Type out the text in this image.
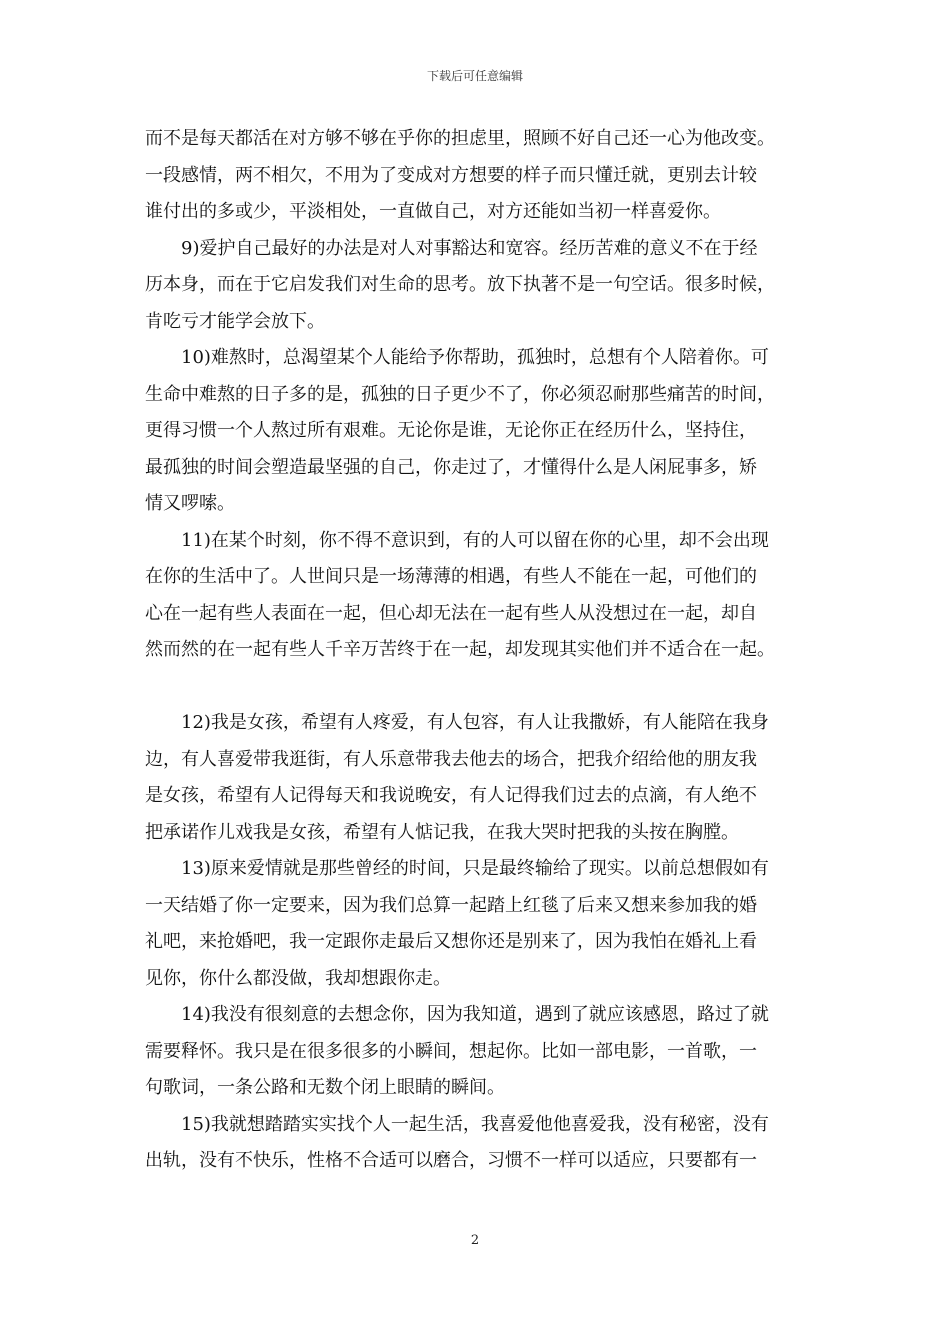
下载后可任意编辑
而不是每天都活在对方够不够在乎你的担虑里，照顾不好自己还一心为他改变。
一段感情，两不相欠，不用为了变成对方想要的样子而只懂迁就，更别去计较
谁付出的多或少，平淡相处，一直做自己，对方还能如当初一样喜爱你。
9)爱护自己最好的办法是对人对事豁达和宽容。经历苦难的意义不在于经
历本身，而在于它启发我们对生命的思考。放下执著不是一句空话。很多时候，
肯吃亏才能学会放下。
10)难熬时，总渴望某个人能给予你帮助，孤独时，总想有个人陪着你。可
生命中难熬的日子多的是，孤独的日子更少不了，你必须忍耐那些痛苦的时间，
更得习惯一个人熬过所有艰难。无论你是谁，无论你正在经历什么，坚持住，
最孤独的时间会塑造最坚强的自己，你走过了，才懂得什么是人闲屁事多，矫
情又啰嗦。
11)在某个时刻，你不得不意识到，有的人可以留在你的心里，却不会出现
在你的生活中了。人世间只是一场薄薄的相遇，有些人不能在一起，可他们的
心在一起有些人表面在一起，但心却无法在一起有些人从没想过在一起，却自
然而然的在一起有些人千辛万苦终于在一起，却发现其实他们并不适合在一起。
12)我是女孩，希望有人疼爱，有人包容，有人让我撒娇，有人能陪在我身
边，有人喜爱带我逛街，有人乐意带我去他去的场合，把我介绍给他的朋友我
是女孩，希望有人记得每天和我说晚安，有人记得我们过去的点滴，有人绝不
把承诺作儿戏我是女孩，希望有人惦记我，在我大哭时把我的头按在胸膛。
13)原来爱情就是那些曾经的时间，只是最终输给了现实。以前总想假如有
一天结婚了你一定要来，因为我们总算一起踏上红毯了后来又想来参加我的婚
礼吧，来抢婚吧，我一定跟你走最后又想你还是别来了，因为我怕在婚礼上看
见你，你什么都没做，我却想跟你走。
14)我没有很刻意的去想念你，因为我知道，遇到了就应该感恩，路过了就
需要释怀。我只是在很多很多的小瞬间，想起你。比如一部电影，一首歌，一
句歌词，一条公路和无数个闭上眼睛的瞬间。
15)我就想踏踏实实找个人一起生活，我喜爱他他喜爱我，没有秘密，没有
出轨，没有不快乐，性格不合适可以磨合，习惯不一样可以适应，只要都有一
2
